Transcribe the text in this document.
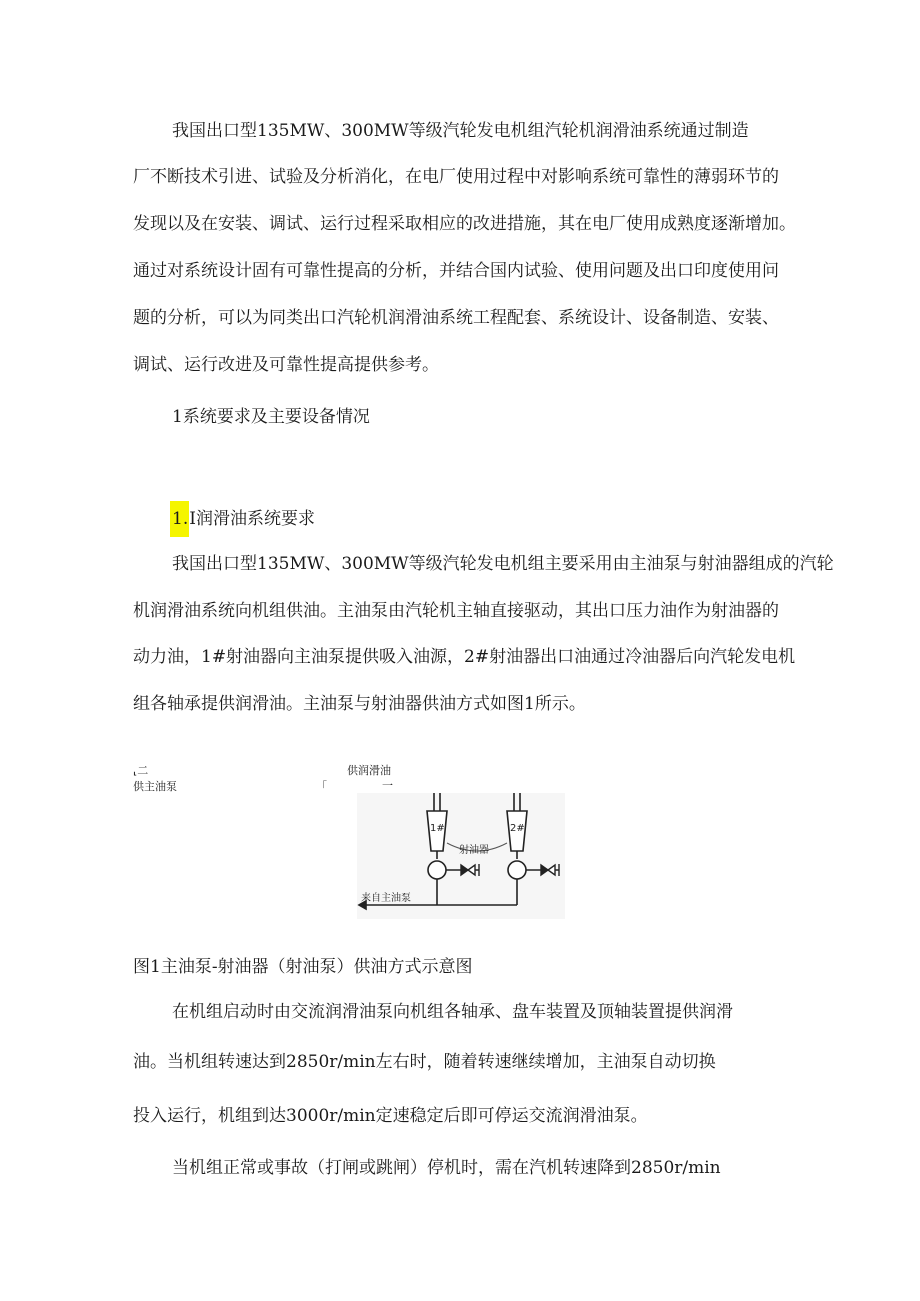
我国出口型135MW、300MW等级汽轮发电机组汽轮机润滑油系统通过制造
厂不断技术引进、试验及分析消化，在电厂使用过程中对影响系统可靠性的薄弱环节的
发现以及在安装、调试、运行过程采取相应的改进措施，其在电厂使用成熟度逐渐增加。
通过对系统设计固有可靠性提高的分析，并结合国内试验、使用问题及出口印度使用问
题的分析，可以为同类出口汽轮机润滑油系统工程配套、系统设计、设备制造、安装、
调试、运行改进及可靠性提高提供参考。
1系统要求及主要设备情况
1.I润滑油系统要求
我国出口型135MW、300MW等级汽轮发电机组主要采用由主油泵与射油器组成的汽轮
机润滑油系统向机组供油。主油泵由汽轮机主轴直接驱动，其出口压力油作为射油器的
动力油，1#射油器向主油泵提供吸入油源，2#射油器出口油通过冷油器后向汽轮发电机
组各轴承提供润滑油。主油泵与射油器供油方式如图1所示。
⸤二
供主油泵
供润滑油
「	一
1#	2#
射油器
来自主油泵
图1主油泵-射油器（射油泵）供油方式示意图
在机组启动时由交流润滑油泵向机组各轴承、盘车装置及顶轴装置提供润滑
油。当机组转速达到2850r/min左右时，随着转速继续增加，主油泵自动切换
投入运行，机组到达3000r/min定速稳定后即可停运交流润滑油泵。
当机组正常或事故（打闸或跳闸）停机时，需在汽机转速降到2850r/min
